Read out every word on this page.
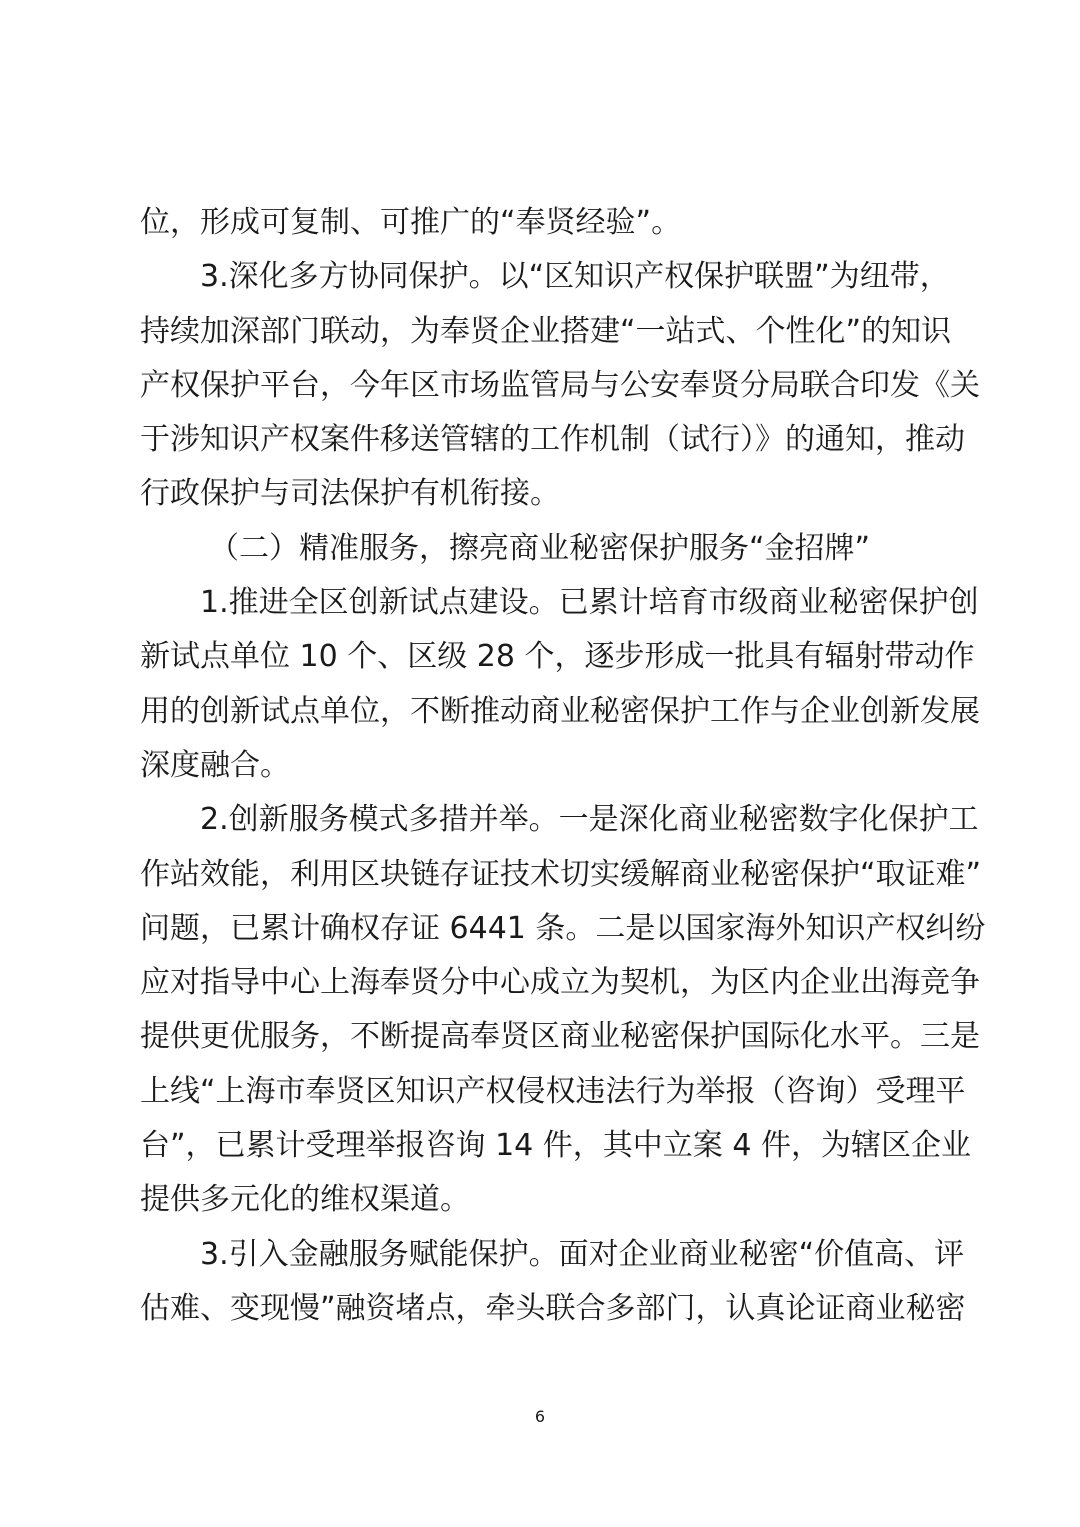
位，形成可复制、可推广的“奉贤经验”。
3.深化多方协同保护。以“区知识产权保护联盟”为纽带，
持续加深部门联动，为奉贤企业搭建“一站式、个性化”的知识
产权保护平台，今年区市场监管局与公安奉贤分局联合印发《关
于涉知识产权案件移送管辖的工作机制（试行）》的通知，推动
行政保护与司法保护有机衔接。
（二）精准服务，擦亮商业秘密保护服务“金招牌”
1.推进全区创新试点建设。已累计培育市级商业秘密保护创
新试点单位 10 个、区级 28 个，逐步形成一批具有辐射带动作
用的创新试点单位，不断推动商业秘密保护工作与企业创新发展
深度融合。
2.创新服务模式多措并举。一是深化商业秘密数字化保护工
作站效能，利用区块链存证技术切实缓解商业秘密保护“取证难”
问题，已累计确权存证 6441 条。二是以国家海外知识产权纠纷
应对指导中心上海奉贤分中心成立为契机，为区内企业出海竞争
提供更优服务，不断提高奉贤区商业秘密保护国际化水平。三是
上线“上海市奉贤区知识产权侵权违法行为举报（咨询）受理平
台”，已累计受理举报咨询 14 件，其中立案 4 件，为辖区企业
提供多元化的维权渠道。
3.引入金融服务赋能保护。面对企业商业秘密“价值高、评
估难、变现慢”融资堵点，牵头联合多部门，认真论证商业秘密
6
